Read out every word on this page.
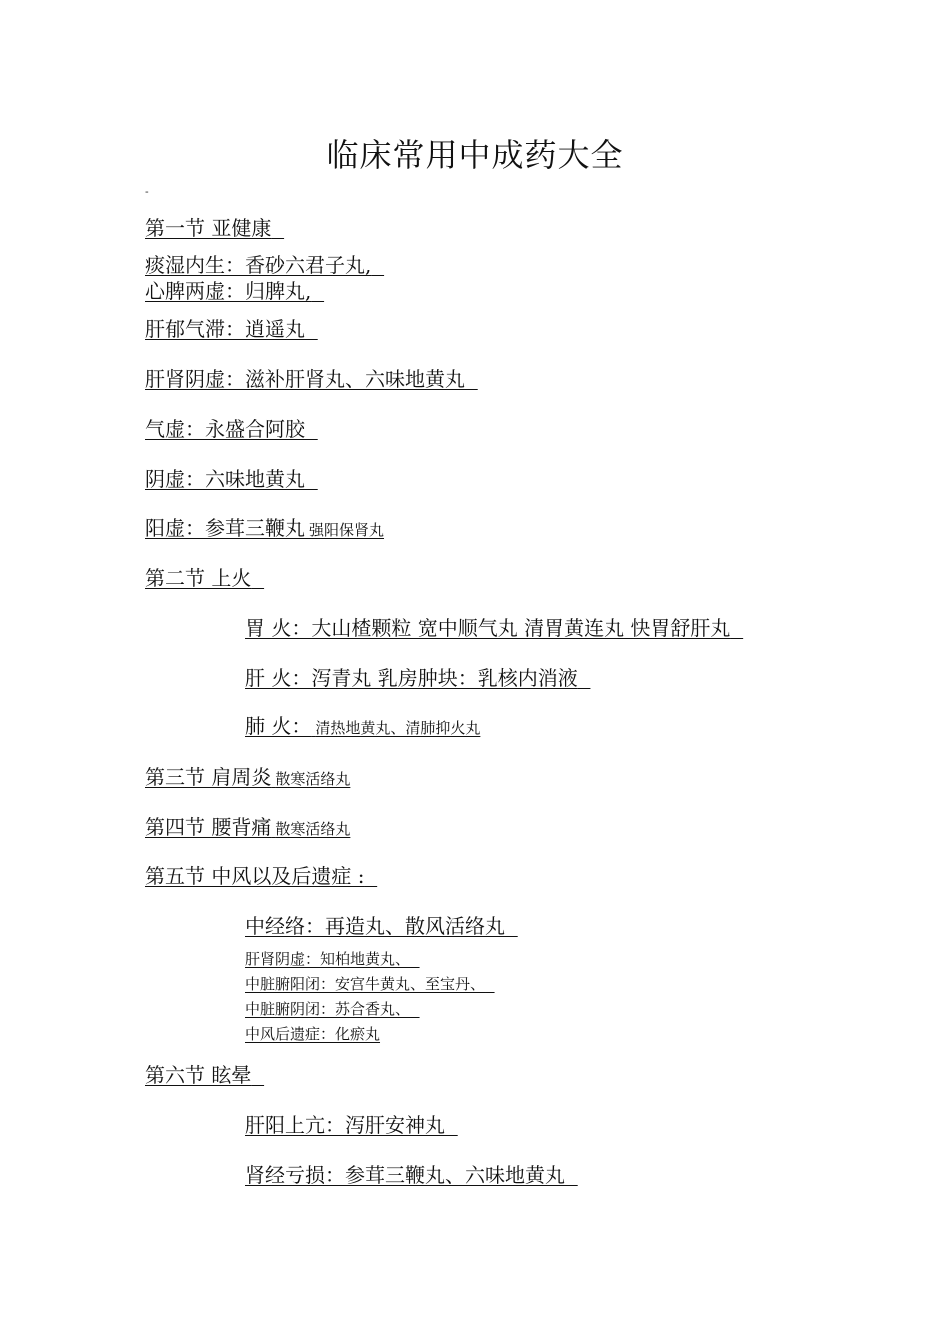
临床常用中成药大全
-
第一节 亚健康
痰湿内生：香砂六君子丸,
心脾两虚：归脾丸,
肝郁气滞：逍遥丸
肝肾阴虚：滋补肝肾丸、六味地黄丸
气虚：永盛合阿胶
阴虚：六味地黄丸
阳虚：参茸三鞭丸 强阳保肾丸
第二节 上火
胃 火：大山楂颗粒 宽中顺气丸 清胃黄连丸 快胃舒肝丸
肝 火：泻青丸 乳房肿块：乳核内消液
肺 火： 清热地黄丸、清肺抑火丸
第三节 肩周炎 散寒活络丸
第四节 腰背痛 散寒活络丸
第五节 中风以及后遗症 :
中经络：再造丸、散风活络丸
肝肾阴虚：知柏地黄丸、
中脏腑阳闭：安宫牛黄丸、至宝丹、
中脏腑阴闭：苏合香丸、
中风后遗症：化瘀丸
第六节 眩晕
肝阳上亢：泻肝安神丸
肾经亏损：参茸三鞭丸、六味地黄丸
